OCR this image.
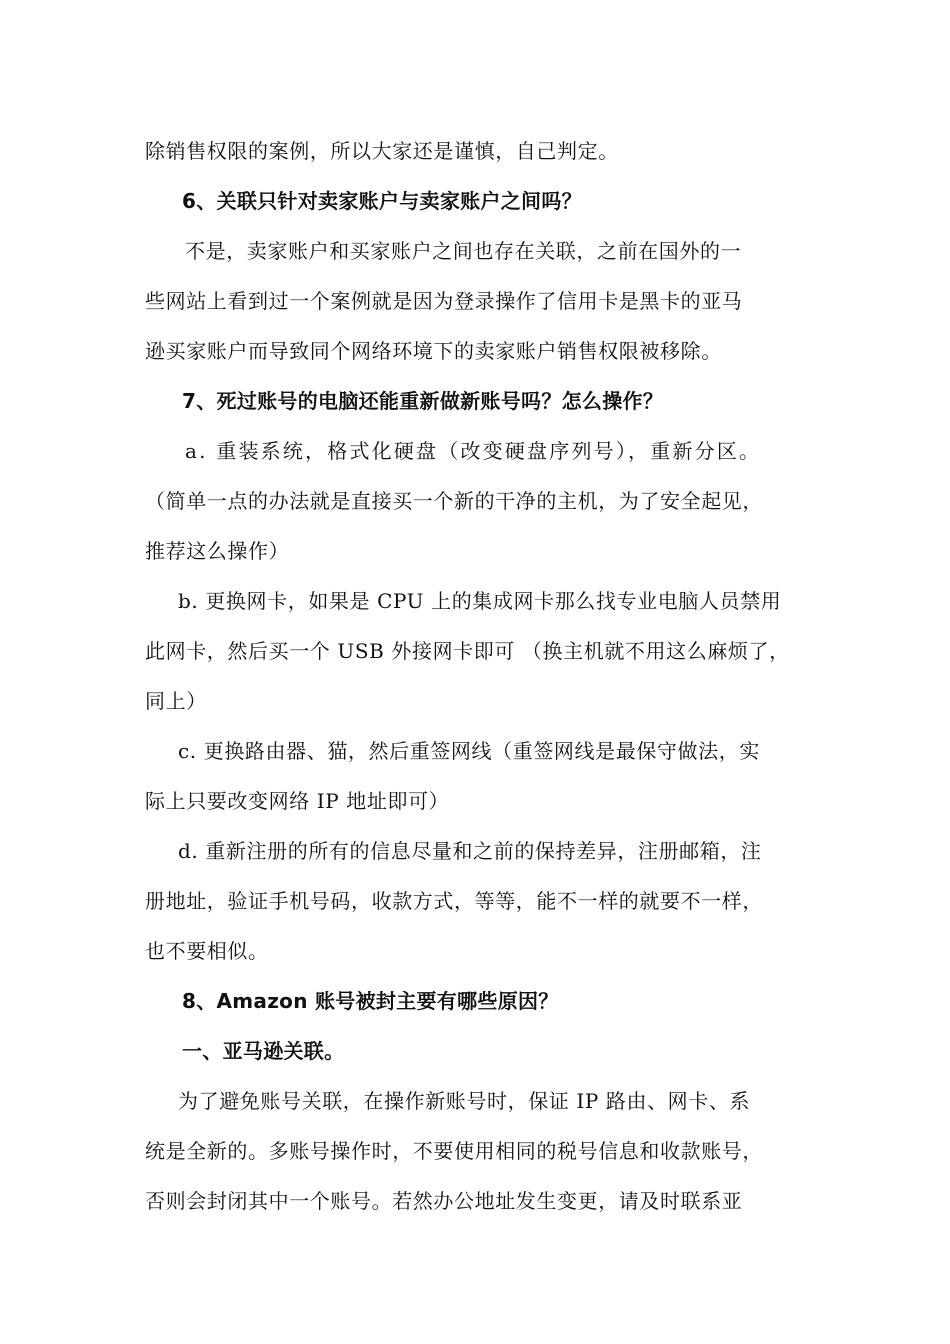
除销售权限的案例，所以大家还是谨慎，自己判定。
6、关联只针对卖家账户与卖家账户之间吗？
不是，卖家账户和买家账户之间也存在关联，之前在国外的一
些网站上看到过一个案例就是因为登录操作了信用卡是黑卡的亚马
逊买家账户而导致同个网络环境下的卖家账户销售权限被移除。
7、死过账号的电脑还能重新做新账号吗？怎么操作？
a. 重装系统，格式化硬盘（改变硬盘序列号），重新分区。
（简单一点的办法就是直接买一个新的干净的主机，为了安全起见，
推荐这么操作）
b. 更换网卡，如果是 CPU 上的集成网卡那么找专业电脑人员禁用
此网卡，然后买一个 USB 外接网卡即可 （换主机就不用这么麻烦了，
同上）
c. 更换路由器、猫，然后重签网线（重签网线是最保守做法，实
际上只要改变网络 IP 地址即可）
d. 重新注册的所有的信息尽量和之前的保持差异，注册邮箱，注
册地址，验证手机号码，收款方式，等等，能不一样的就要不一样，
也不要相似。
8、Amazon 账号被封主要有哪些原因？
一、亚马逊关联。
为了避免账号关联，在操作新账号时，保证 IP 路由、网卡、系
统是全新的。多账号操作时，不要使用相同的税号信息和收款账号，
否则会封闭其中一个账号。若然办公地址发生变更，请及时联系亚
